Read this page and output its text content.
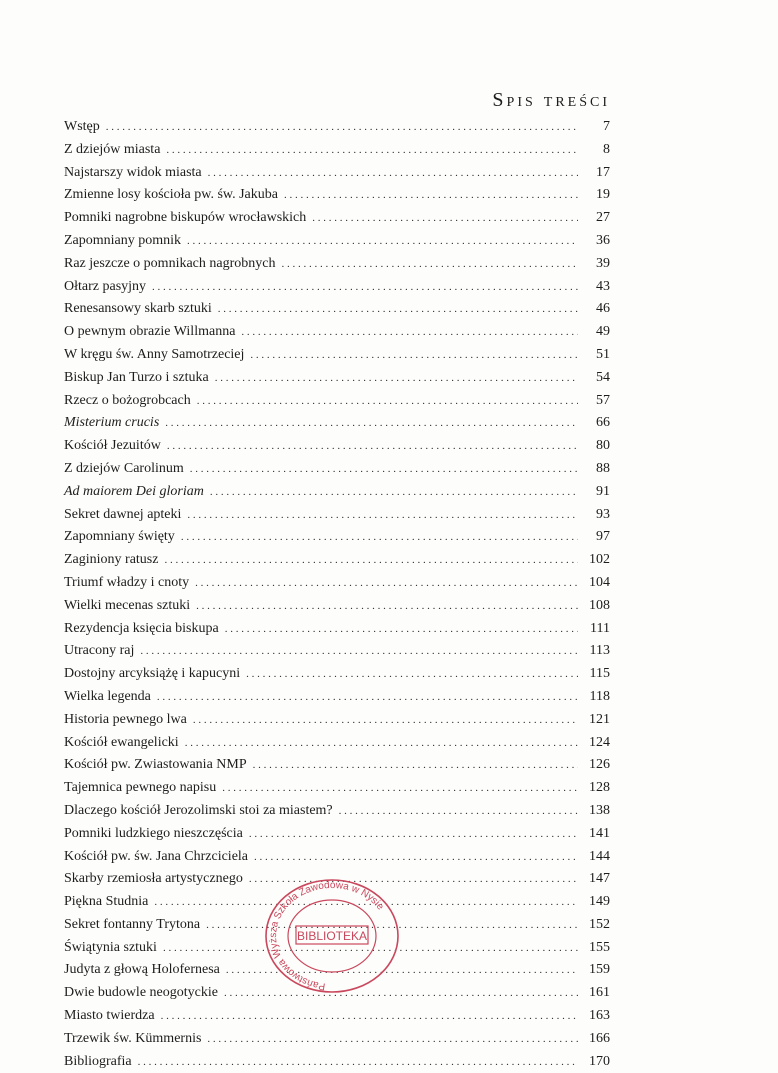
Spis treści
Wstęp . . .	7
Z dziejów miasta . . .	8
Najstarszy widok miasta . . .	17
Zmienne losy kościoła pw. św. Jakuba . . .	19
Pomniki nagrobne biskupów wrocławskich . . .	27
Zapomniany pomnik . . .	36
Raz jeszcze o pomnikach nagrobnych . . .	39
Ołtarz pasyjny . . .	43
Renesansowy skarb sztuki . . .	46
O pewnym obrazie Willmanna . . .	49
W kręgu św. Anny Samotrzeciej . . .	51
Biskup Jan Turzo i sztuka . . .	54
Rzecz o bożogrobcach . . .	57
Misterium crucis . . .	66
Kościół Jezuitów . . .	80
Z dziejów Carolinum . . .	88
Ad maiorem Dei gloriam . . .	91
Sekret dawnej apteki . . .	93
Zapomniany święty . . .	97
Zaginiony ratusz . . .	102
Triumf władzy i cnoty . . .	104
Wielki mecenas sztuki . . .	108
Rezydencja księcia biskupa . . .	111
Utracony raj . . .	113
Dostojny arcyksiążę i kapucyni . . .	115
Wielka legenda . . .	118
Historia pewnego lwa . . .	121
Kościół ewangelicki . . .	124
Kościół pw. Zwiastowania NMP . . .	126
Tajemnica pewnego napisu . . .	128
Dlaczego kościół Jerozolimski stoi za miastem? . . .	138
Pomniki ludzkiego nieszczęścia . . .	141
Kościół pw. św. Jana Chrzciciela . . .	144
Skarby rzemiosła artystycznego . . .	147
Piękna Studnia . . .	149
Sekret fontanny Trytona . . .	152
Świątynia sztuki . . .	155
Judyta z głową Holofernesa . . .	159
Dwie budowle neogotyckie . . .	161
Miasto twierdza . . .	163
Trzewik św. Kümmernis . . .	166
Bibliografia . . .	170
Państwowa Wyższa Szkoła Zawodowa w Nysie
BIBLIOTEKA
